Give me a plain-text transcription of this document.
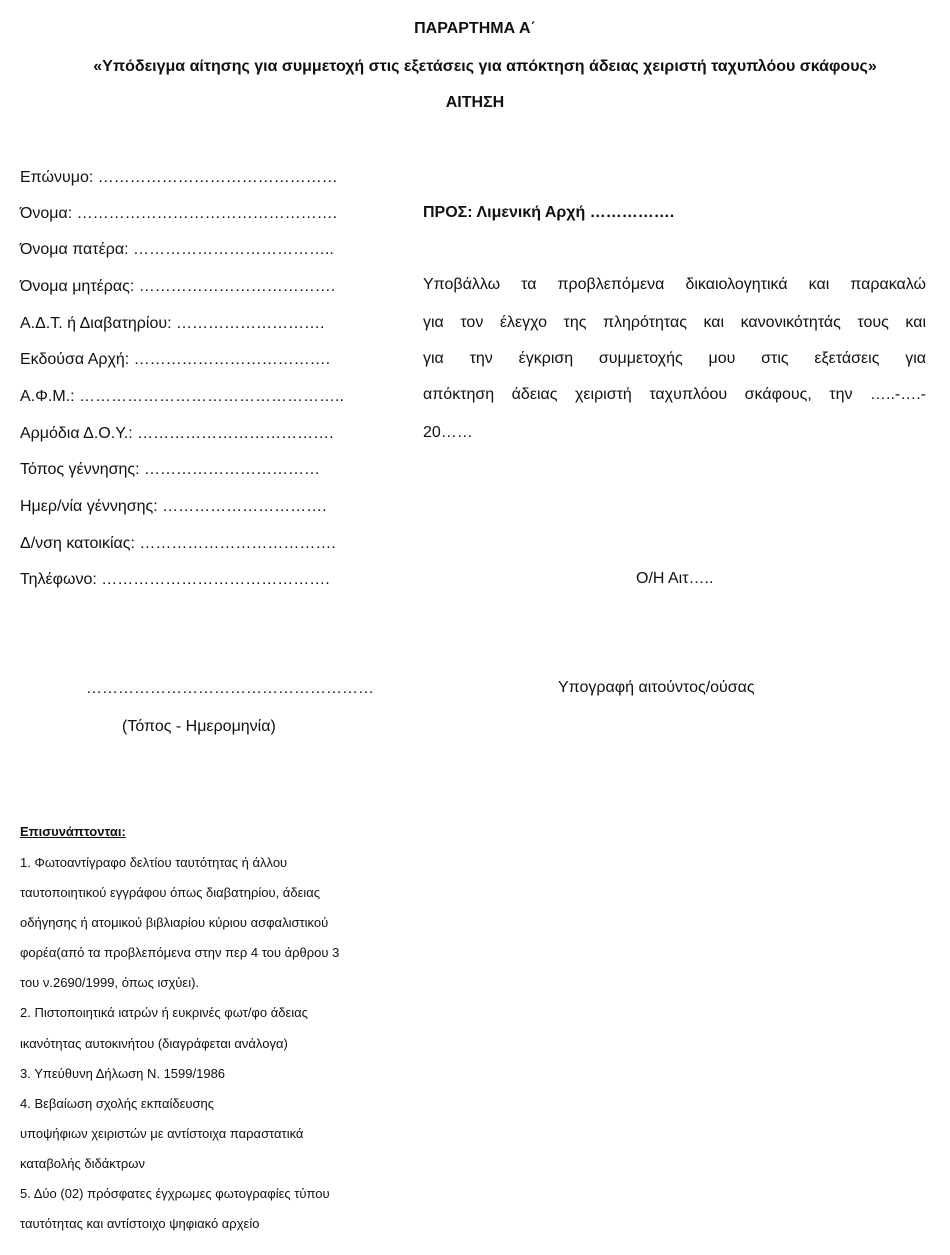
ΠΑΡΑΡΤΗΜΑ Α΄
«Υπόδειγμα αίτησης για συμμετοχή στις εξετάσεις για απόκτηση άδειας χειριστή ταχυπλόου σκάφους»
ΑΙΤΗΣΗ
Επώνυμο: ………………………………………
Όνομα: ………………………………………….
Όνομα πατέρα: ………………………………..
Όνομα μητέρας: ……………………………….
Α.Δ.Τ. ή Διαβατηρίου: ……………………….
Εκδούσα Αρχή: ……………………………….
Α.Φ.Μ.: …………………………………………..
Αρμόδια Δ.Ο.Υ.: ……………………………….
Τόπος γέννησης: ……………………………
Ημερ/νία γέννησης: ………………………….
Δ/νση κατοικίας: ……………………………….
Τηλέφωνο: …………………………………….
ΠΡΟΣ: Λιμενική Αρχή …………….
Υποβάλλω τα προβλεπόμενα δικαιολογητικά και παρακαλώ
για τον έλεγχο της πληρότητας και κανονικότητάς τους και
για την έγκριση συμμετοχής μου στις εξετάσεις για
απόκτηση άδειας χειριστή ταχυπλόου σκάφους, την …..-….-
20……
Ο/Η Αιτ…..
Υπογραφή αιτούντος/ούσας
………………………………………………
(Τόπος - Ημερομηνία)
Επισυνάπτονται:
1. Φωτοαντίγραφο δελτίου ταυτότητας ή άλλου
ταυτοποιητικού εγγράφου όπως διαβατηρίου, άδειας
οδήγησης ή ατομικού βιβλιαρίου κύριου ασφαλιστικού
φορέα(από τα προβλεπόμενα στην περ 4 του άρθρου 3
του ν.2690/1999, όπως ισχύει).
2. Πιστοποιητικά ιατρών ή ευκρινές φωτ/φο άδειας
ικανότητας αυτοκινήτου (διαγράφεται ανάλογα)
3. Υπεύθυνη Δήλωση Ν. 1599/1986
4. Βεβαίωση σχολής εκπαίδευσης
υποψήφιων χειριστών με αντίστοιχα παραστατικά
καταβολής διδάκτρων
5. Δύο (02) πρόσφατες έγχρωμες φωτογραφίες τύπου
ταυτότητας και αντίστοιχο ψηφιακό αρχείο
